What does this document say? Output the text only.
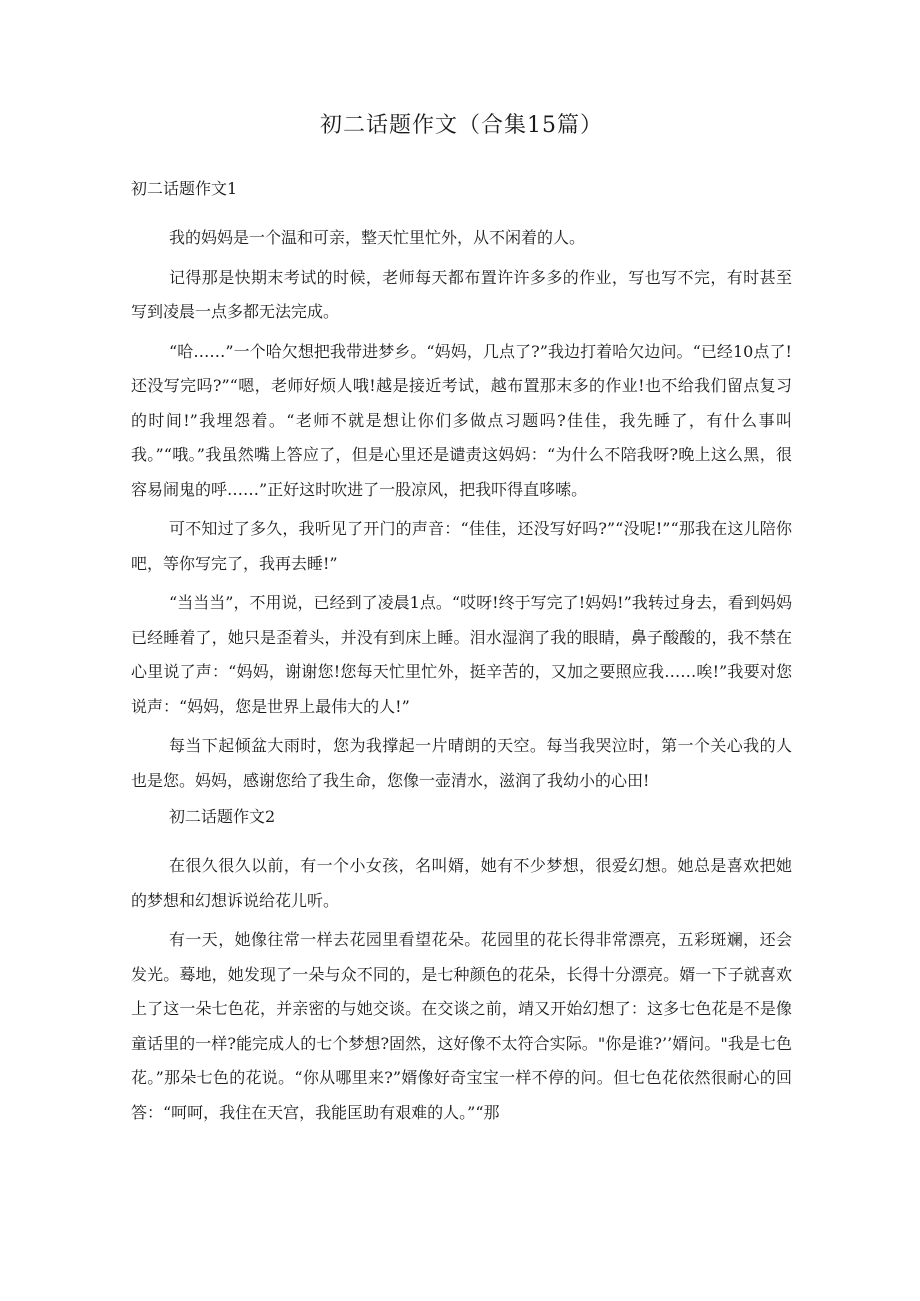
初二话题作文（合集15篇）
初二话题作文1

我的妈妈是一个温和可亲，整天忙里忙外，从不闲着的人。

记得那是快期末考试的时候，老师每天都布置许许多多的作业，写也写不完，有时甚至写到凌晨一点多都无法完成。

“哈……”一个哈欠想把我带进梦乡。“妈妈，几点了?”我边打着哈欠边问。“已经10点了!还没写完吗?”“嗯，老师好烦人哦!越是接近考试，越布置那末多的作业!也不给我们留点复习的时间!”我埋怨着。“老师不就是想让你们多做点习题吗?佳佳，我先睡了，有什么事叫我。”“哦。”我虽然嘴上答应了，但是心里还是谴责这妈妈：“为什么不陪我呀?晚上这么黑，很容易闹鬼的呼……”正好这时吹进了一股凉风，把我吓得直哆嗦。

可不知过了多久，我听见了开门的声音：“佳佳，还没写好吗?”“没呢!”“那我在这儿陪你吧，等你写完了，我再去睡!”

“当当当”，不用说，已经到了凌晨1点。“哎呀!终于写完了!妈妈!”我转过身去，看到妈妈已经睡着了，她只是歪着头，并没有到床上睡。泪水湿润了我的眼睛，鼻子酸酸的，我不禁在心里说了声：“妈妈，谢谢您!您每天忙里忙外，挺辛苦的，又加之要照应我……唉!”我要对您说声：“妈妈，您是世界上最伟大的人!”

每当下起倾盆大雨时，您为我撑起一片晴朗的天空。每当我哭泣时，第一个关心我的人也是您。妈妈，感谢您给了我生命，您像一壶清水，滋润了我幼小的心田!

初二话题作文2

在很久很久以前，有一个小女孩，名叫婿，她有不少梦想，很爱幻想。她总是喜欢把她的梦想和幻想诉说给花儿听。

有一天，她像往常一样去花园里看望花朵。花园里的花长得非常漂亮，五彩斑斓，还会发光。蓦地，她发现了一朵与众不同的，是七种颜色的花朵，长得十分漂亮。婿一下子就喜欢上了这一朵七色花，并亲密的与她交谈。在交谈之前，靖又开始幻想了：这多七色花是不是像童话里的一样?能完成人的七个梦想?固然，这好像不太符合实际。"你是谁?’’婿问。"我是七色花。”那朵七色的花说。“你从哪里来?”婿像好奇宝宝一样不停的问。但七色花依然很耐心的回答：“呵呵，我住在天宫，我能匡助有艰难的人。”“那
